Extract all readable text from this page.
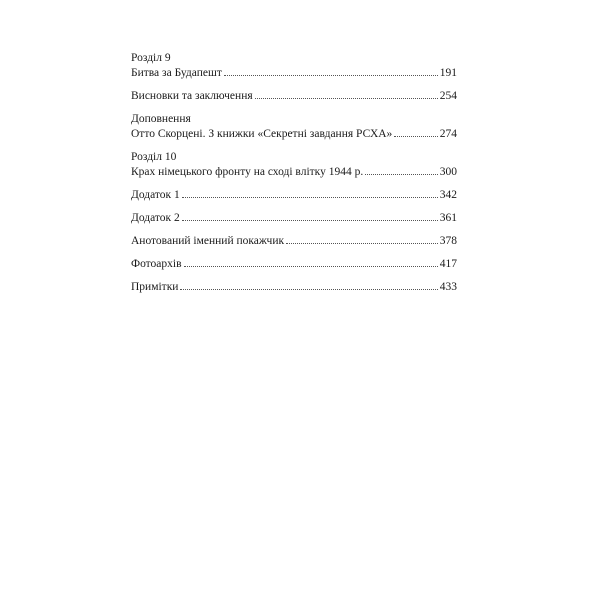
Розділ 9
Битва за Будапешт	191
Висновки та заключення	254
Доповнення
Отто Скорцені. З книжки «Секретні завдання РСХА»	274
Розділ 10
Крах німецького фронту на сході влітку 1944 р.	300
Додаток 1	342
Додаток 2	361
Анотований іменний покажчик	378
Фотоархів	417
Примітки	433
